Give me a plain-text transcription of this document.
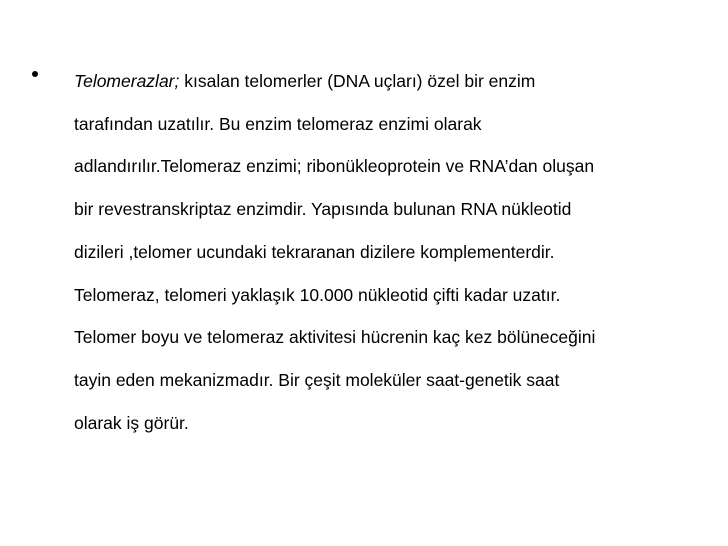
Telomerazlar; kısalan telomerler (DNA uçları) özel bir enzim
tarafından uzatılır. Bu enzim telomeraz enzimi olarak
adlandırılır.Telomeraz enzimi; ribonükleoprotein ve RNA’dan oluşan
bir revestranskriptaz enzimdir. Yapısında bulunan RNA nükleotid
dizileri ,telomer ucundaki tekraranan dizilere komplementerdir.
Telomeraz, telomeri yaklaşık 10.000 nükleotid çifti kadar uzatır.
Telomer boyu ve telomeraz aktivitesi hücrenin kaç kez bölüneceğini
tayin eden mekanizmadır. Bir çeşit moleküler saat-genetik saat
olarak iş görür.
